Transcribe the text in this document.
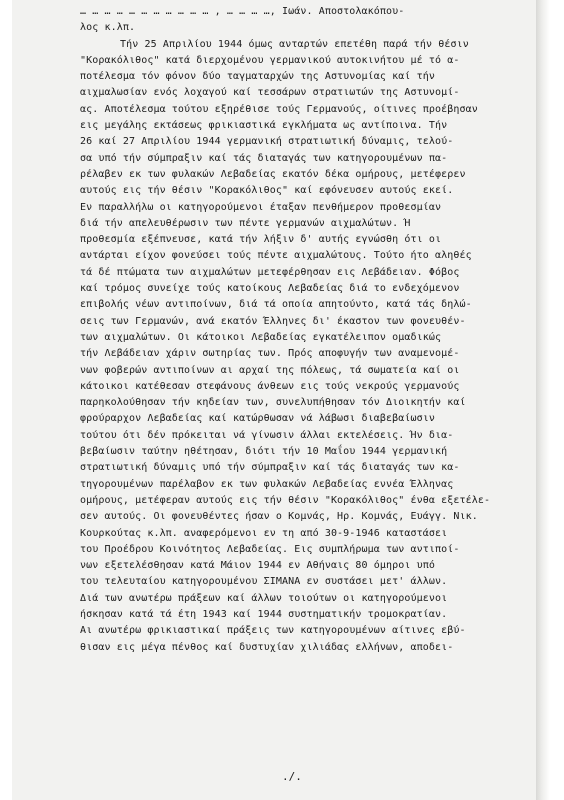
… … … … … … … … … … … , … … … …, Ιωάν. Αποστολακόπου-
λος κ.λπ.
Τήν 25 Απριλίου 1944 όμως ανταρτών επετέθη παρά τήν θέσιν
"Κορακόλιθος" κατά διερχομένου γερμανικού αυτοκινήτου μέ τό α-
ποτέλεσμα τόν φόνον δύο ταγματαρχών της Αστυνομίας καί τήν
αιχμαλωσίαν ενός λοχαγού καί τεσσάρων στρατιωτών της Αστυνομί-
ας. Αποτέλεσμα τούτου εξηρέθισε τούς Γερμανούς, οίτινες προέβησαν
εις μεγάλης εκτάσεως φρικιαστικά εγκλήματα ως αντίποινα. Τήν
26 καί 27 Απριλίου 1944 γερμανική στρατιωτική δύναμις, τελού-
σα υπό τήν σύμπραξιν καί τάς διαταγάς των κατηγορουμένων πα-
ρέλαβεν εκ των φυλακών Λεβαδείας εκατόν δέκα ομήρους, μετέφερεν
αυτούς εις τήν θέσιν "Κορακόλιθος" καί εφόνευσεν αυτούς εκεί.
Εν παραλλήλω οι κατηγορούμενοι έταξαν πενθήμερον προθεσμίαν
διά τήν απελευθέρωσιν των πέντε γερμανών αιχμαλώτων. Ή
προθεσμία εξέπνευσε, κατά τήν λήξιν δ' αυτής εγνώσθη ότι οι
αντάρται είχον φονεύσει τούς πέντε αιχμαλώτους. Τούτο ήτο αληθές
τά δέ πτώματα των αιχμαλώτων μετεφέρθησαν εις Λεβάδειαν. Φόβος
καί τρόμος συνείχε τούς κατοίκους Λεβαδείας διά το ενδεχόμενον
επιβολής νέων αντιποίνων, διά τά οποία απητούντο, κατά τάς δηλώ-
σεις των Γερμανών, ανά εκατόν Έλληνες δι' έκαστον των φονευθέν-
των αιχμαλώτων. Οι κάτοικοι Λεβαδείας εγκατέλειπον ομαδικώς
τήν Λεβάδειαν χάριν σωτηρίας των. Πρός αποφυγήν των αναμενομέ-
νων φοβερών αντιποίνων αι αρχαί της πόλεως, τά σωματεία καί οι
κάτοικοι κατέθεσαν στεφάνους άνθεων εις τούς νεκρούς γερμανούς
παρηκολούθησαν τήν κηδείαν των, συνελυπήθησαν τόν Διοικητήν καί
φρούραρχον Λεβαδείας καί κατώρθωσαν νά λάβωσι διαβεβαίωσιν
τούτου ότι δέν πρόκειται νά γίνωσιν άλλαι εκτελέσεις. Ήν δια-
βεβαίωσιν ταύτην ηθέτησαν, διότι τήν 10 Μαΐου 1944 γερμανική
στρατιωτική δύναμις υπό τήν σύμπραξιν καί τάς διαταγάς των κα-
τηγορουμένων παρέλαβον εκ των φυλακών Λεβαδείας εννέα Έλληνας
ομήρους, μετέφεραν αυτούς εις τήν θέσιν "Κορακόλιθος" ένθα εξετέλε-
σεν αυτούς. Οι φονευθέντες ήσαν ο Κομνάς, Ηρ. Κομνάς, Ευάγγ. Νικ.
Κουρκούτας κ.λπ. αναφερόμενοι εν τη από 30-9-1946 καταστάσει
του Προέδρου Κοινότητος Λεβαδείας. Εις συμπλήρωμα των αντιποί-
νων εξετελέσθησαν κατά Μάιον 1944 εν Αθήναις 80 όμηροι υπό
του τελευταίου κατηγορουμένου ΣΙΜΑΝΑ εν συστάσει μετ' άλλων.
Διά των ανωτέρω πράξεων καί άλλων τοιούτων οι κατηγορούμενοι
ήσκησαν κατά τά έτη 1943 καί 1944 συστηματικήν τρομοκρατίαν.
Αι ανωτέρω φρικιαστικαί πράξεις των κατηγορουμένων αίτινες εβύ-
θισαν εις μέγα πένθος καί δυστυχίαν χιλιάδας ελλήνων, αποδει-
./.
